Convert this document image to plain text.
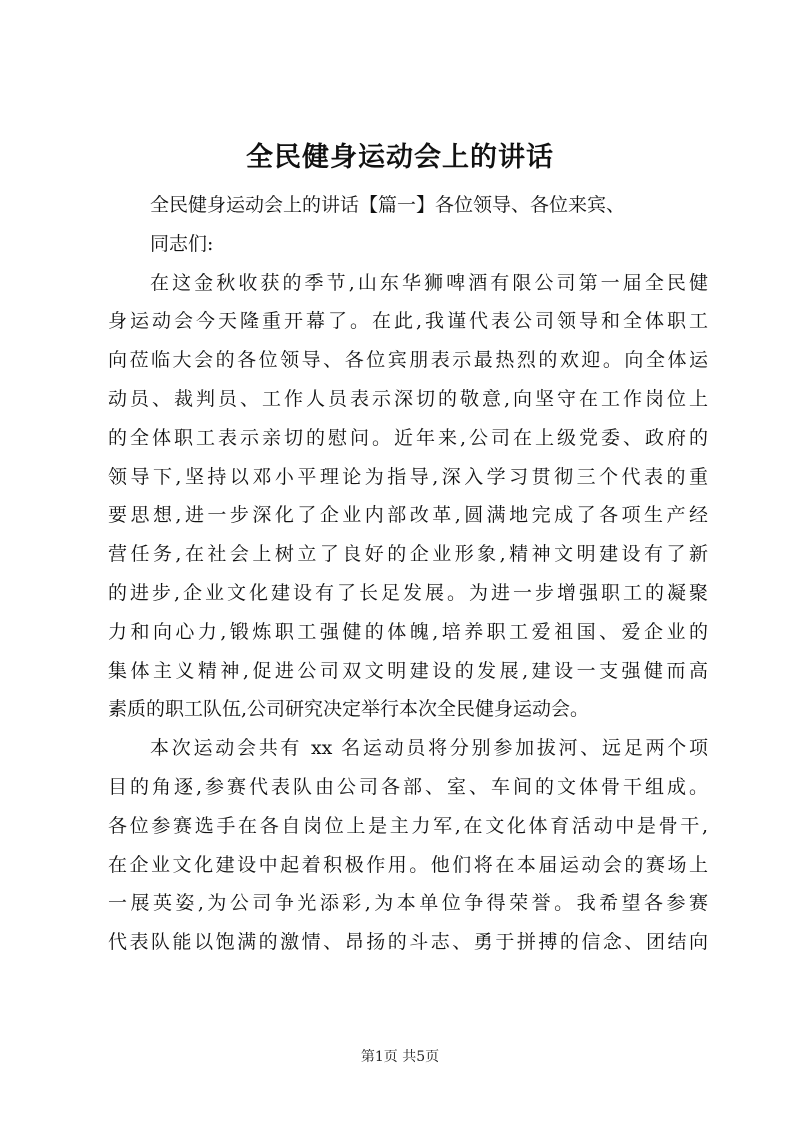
全民健身运动会上的讲话
全民健身运动会上的讲话【篇一】各位领导、各位来宾、
同志们:
在这金秋收获的季节,山东华狮啤酒有限公司第一届全民健
身运动会今天隆重开幕了。在此,我谨代表公司领导和全体职工
向莅临大会的各位领导、各位宾朋表示最热烈的欢迎。向全体运
动员、裁判员、工作人员表示深切的敬意,向坚守在工作岗位上
的全体职工表示亲切的慰问。近年来,公司在上级党委、政府的
领导下,坚持以邓小平理论为指导,深入学习贯彻三个代表的重
要思想,进一步深化了企业内部改革,圆满地完成了各项生产经
营任务,在社会上树立了良好的企业形象,精神文明建设有了新
的进步,企业文化建设有了长足发展。为进一步增强职工的凝聚
力和向心力,锻炼职工强健的体魄,培养职工爱祖国、爱企业的
集体主义精神,促进公司双文明建设的发展,建设一支强健而高
素质的职工队伍,公司研究决定举行本次全民健身运动会。
本次运动会共有 xx 名运动员将分别参加拔河、远足两个项
目的角逐,参赛代表队由公司各部、室、车间的文体骨干组成。
各位参赛选手在各自岗位上是主力军,在文化体育活动中是骨干,
在企业文化建设中起着积极作用。他们将在本届运动会的赛场上
一展英姿,为公司争光添彩,为本单位争得荣誉。我希望各参赛
代表队能以饱满的激情、昂扬的斗志、勇于拼搏的信念、团结向
第1页 共5页
